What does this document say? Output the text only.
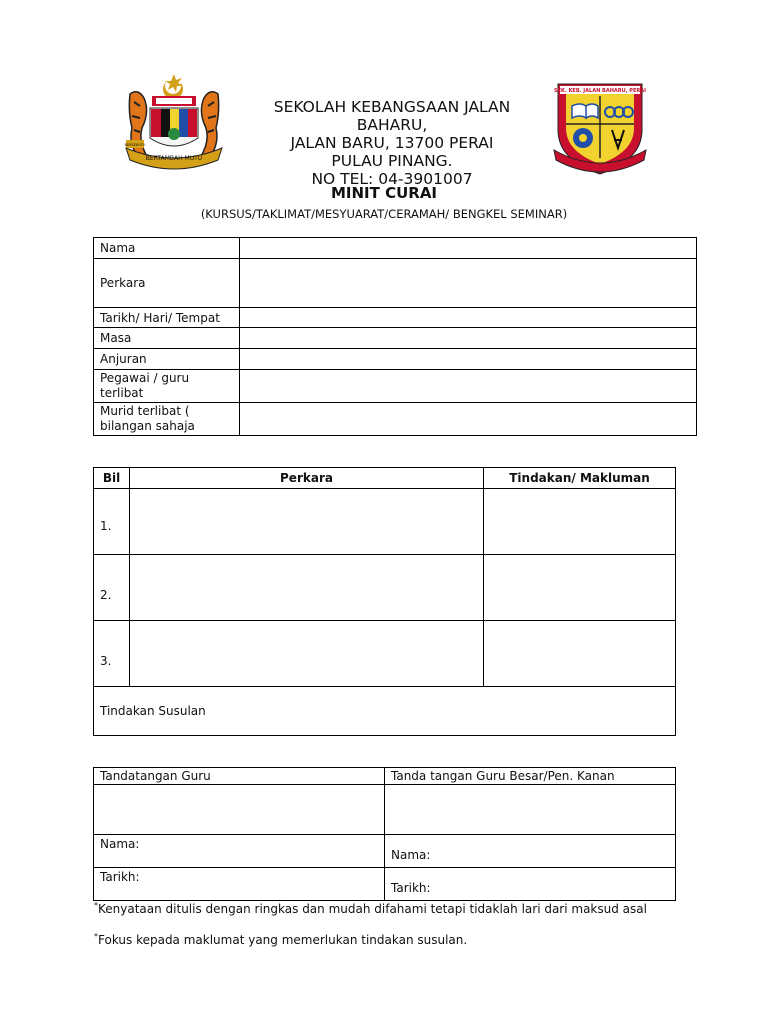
BERTAMBAH MUTU
BERSEKUTU
SEKOLAH KEBANGSAAN JALAN
BAHARU,
JALAN BARU, 13700 PERAI
PULAU PINANG.
NO TEL: 04-3901007
SEK. KEB. JALAN BAHARU, PERAI
MINIT CURAI
(KURSUS/TAKLIMAT/MESYUARAT/CERAMAH/ BENGKEL SEMINAR)
Nama	
Perkara	
Tarikh/ Hari/ Tempat	
Masa	
Anjuran	
Pegawai / guru terlibat	
Murid terlibat ( bilangan sahaja	
Bil	Perkara	Tindakan/ Makluman
1.		
2.		
3.		
Tindakan Susulan		
Tandatangan Guru	Tanda tangan Guru Besar/Pen. Kanan

Nama:	Nama:
Tarikh:	Tarikh:
*Kenyataan ditulis dengan ringkas dan mudah difahami tetapi tidaklah lari dari maksud asal
*Fokus kepada maklumat yang memerlukan tindakan susulan.
